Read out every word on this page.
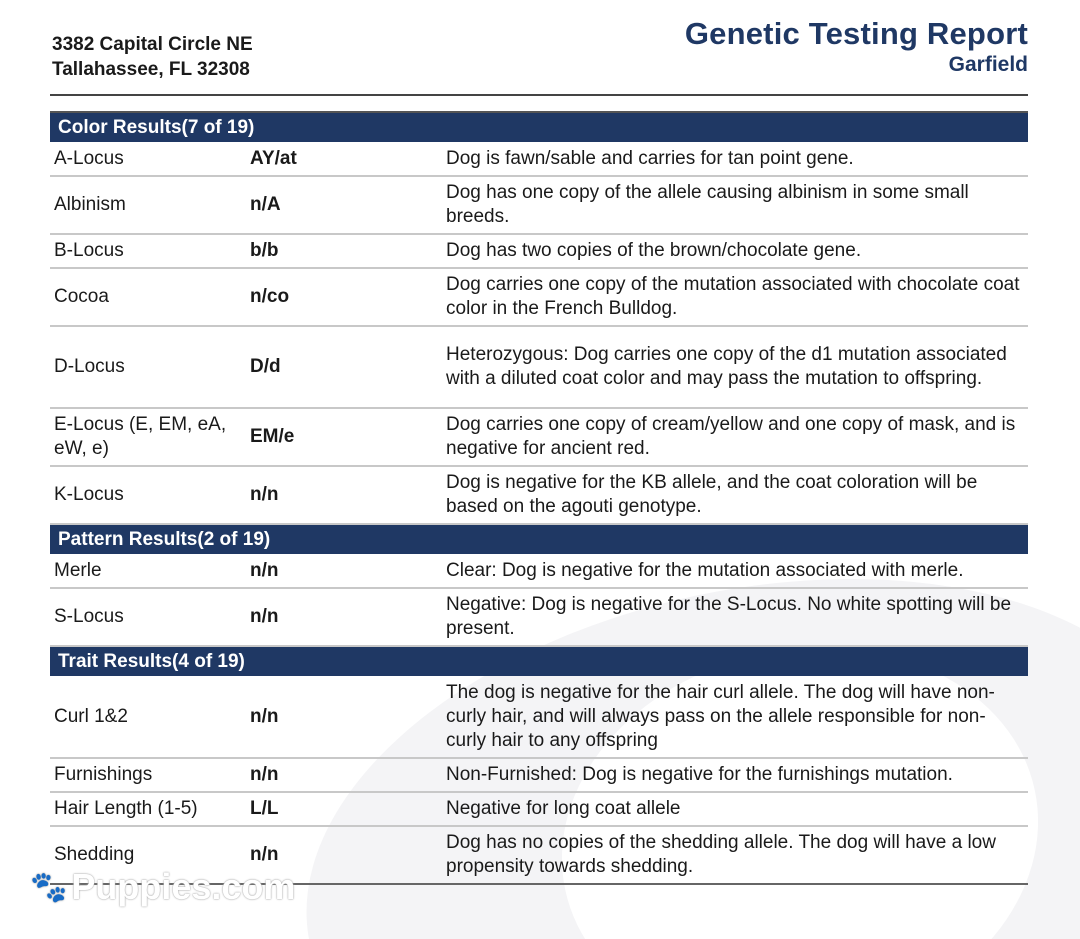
3382 Capital Circle NE
Tallahassee, FL 32308
Genetic Testing Report
Garfield
Color Results(7 of 19)		
A-Locus	AY/at	Dog is fawn/sable and carries for tan point gene.
Albinism	n/A	Dog has one copy of the allele causing albinism in some small breeds.
B-Locus	b/b	Dog has two copies of the brown/chocolate gene.
Cocoa	n/co	Dog carries one copy of the mutation associated with chocolate coat color in the French Bulldog.
D-Locus	D/d	Heterozygous: Dog carries one copy of the d1 mutation associated with a diluted coat color and may pass the mutation to offspring.
E-Locus (E, EM, eA, eW, e)	EM/e	Dog carries one copy of cream/yellow and one copy of mask, and is negative for ancient red.
K-Locus	n/n	Dog is negative for the KB allele, and the coat coloration will be based on the agouti genotype.
Pattern Results(2 of 19)		
Merle	n/n	Clear: Dog is negative for the mutation associated with merle.
S-Locus	n/n	Negative: Dog is negative for the S-Locus. No white spotting will be present.
Trait Results(4 of 19)		
Curl 1&2	n/n	The dog is negative for the hair curl allele. The dog will have non-curly hair, and will always pass on the allele responsible for non-curly hair to any offspring
Furnishings	n/n	Non-Furnished: Dog is negative for the furnishings mutation.
Hair Length (1-5)	L/L	Negative for long coat allele
Shedding	n/n	Dog has no copies of the shedding allele. The dog will have a low propensity towards shedding.
🐾 Puppies.com
